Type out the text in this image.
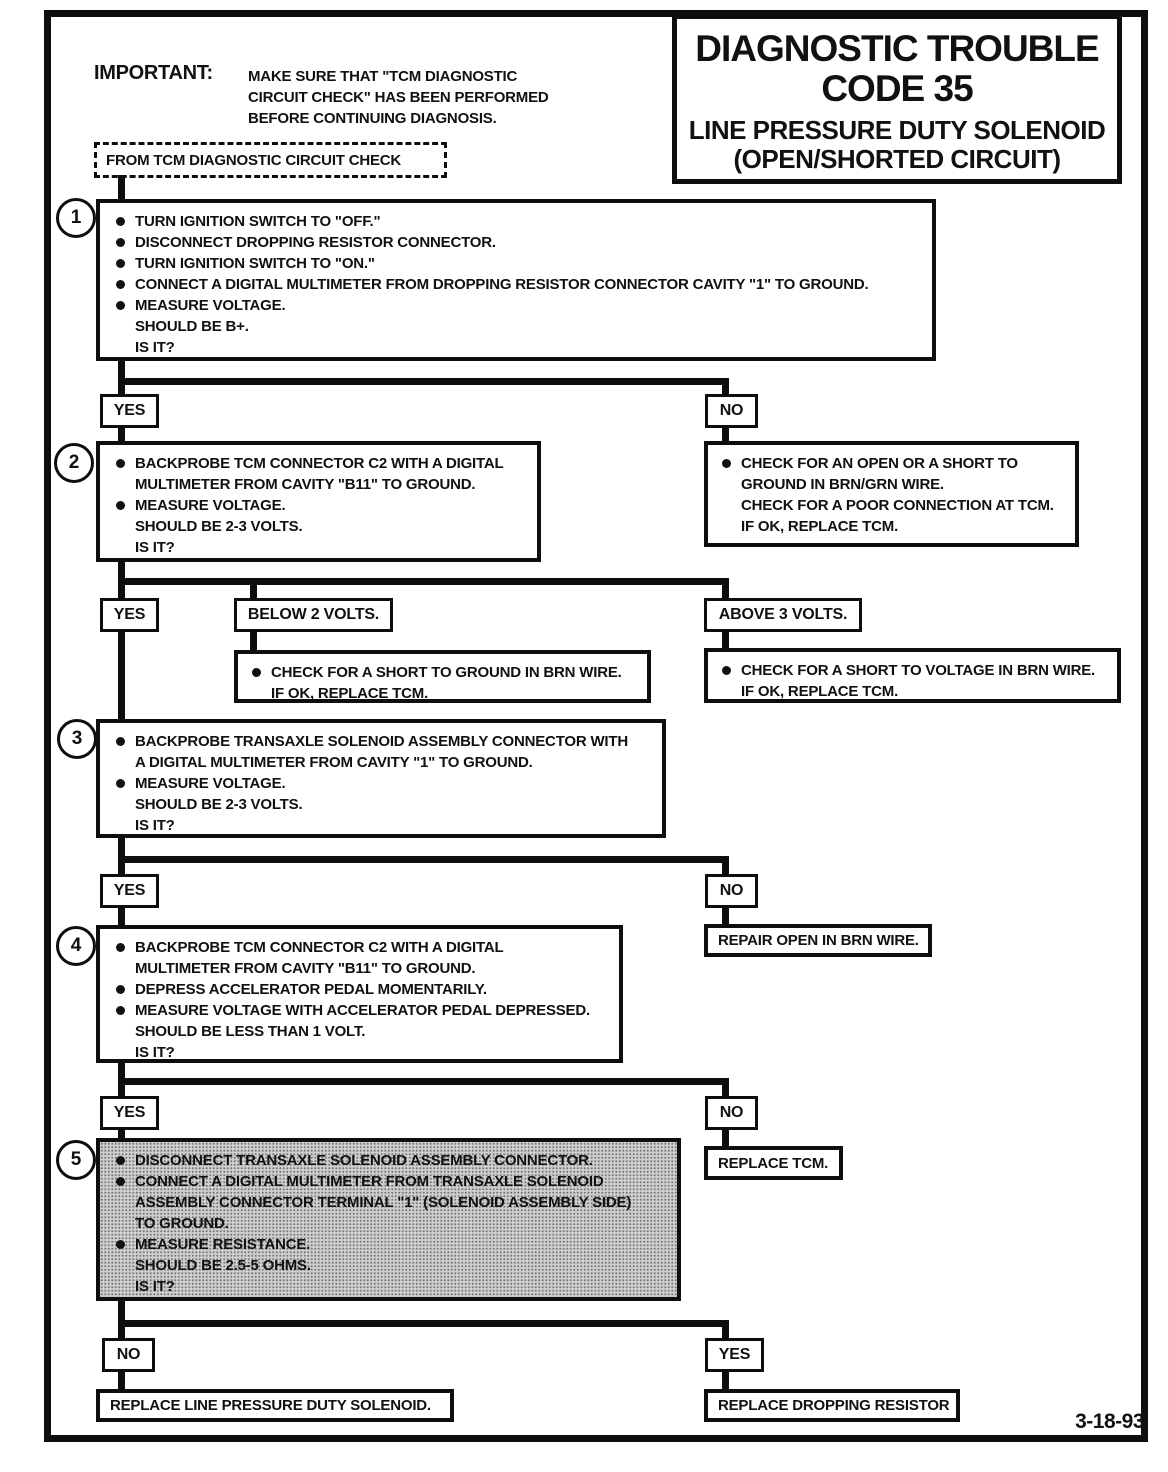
DIAGNOSTIC TROUBLE
CODE 35
LINE PRESSURE DUTY SOLENOID
(OPEN/SHORTED CIRCUIT)
IMPORTANT: MAKE SURE THAT "TCM DIAGNOSTIC
CIRCUIT CHECK" HAS BEEN PERFORMED
BEFORE CONTINUING DIAGNOSIS.
FROM TCM DIAGNOSTIC CIRCUIT CHECK
1	TURN IGNITION SWITCH TO "OFF."
DISCONNECT DROPPING RESISTOR CONNECTOR.
TURN IGNITION SWITCH TO "ON."
CONNECT A DIGITAL MULTIMETER FROM DROPPING RESISTOR CONNECTOR CAVITY "1" TO GROUND.
MEASURE VOLTAGE.
SHOULD BE B+.
IS IT?
YES	NO
CHECK FOR AN OPEN OR A SHORT TO
GROUND IN BRN/GRN WIRE.
CHECK FOR A POOR CONNECTION AT TCM.
IF OK, REPLACE TCM.
2	BACKPROBE TCM CONNECTOR C2 WITH A DIGITAL
MULTIMETER FROM CAVITY "B11" TO GROUND.
MEASURE VOLTAGE.
SHOULD BE 2-3 VOLTS.
IS IT?
YES	BELOW 2 VOLTS.	ABOVE 3 VOLTS.
CHECK FOR A SHORT TO GROUND IN BRN WIRE.
IF OK, REPLACE TCM.
CHECK FOR A SHORT TO VOLTAGE IN BRN WIRE.
IF OK, REPLACE TCM.
3	BACKPROBE TRANSAXLE SOLENOID ASSEMBLY CONNECTOR WITH
A DIGITAL MULTIMETER FROM CAVITY "1" TO GROUND.
MEASURE VOLTAGE.
SHOULD BE 2-3 VOLTS.
IS IT?
YES	NO
REPAIR OPEN IN BRN WIRE.
4	BACKPROBE TCM CONNECTOR C2 WITH A DIGITAL
MULTIMETER FROM CAVITY "B11" TO GROUND.
DEPRESS ACCELERATOR PEDAL MOMENTARILY.
MEASURE VOLTAGE WITH ACCELERATOR PEDAL DEPRESSED.
SHOULD BE LESS THAN 1 VOLT.
IS IT?
YES	NO
REPLACE TCM.
5	DISCONNECT TRANSAXLE SOLENOID ASSEMBLY CONNECTOR.
CONNECT A DIGITAL MULTIMETER FROM TRANSAXLE SOLENOID
ASSEMBLY CONNECTOR TERMINAL "1" (SOLENOID ASSEMBLY SIDE)
TO GROUND.
MEASURE RESISTANCE.
SHOULD BE 2.5-5 OHMS.
IS IT?
NO	YES
REPLACE LINE PRESSURE DUTY SOLENOID.	REPLACE DROPPING RESISTOR
3-18-93
